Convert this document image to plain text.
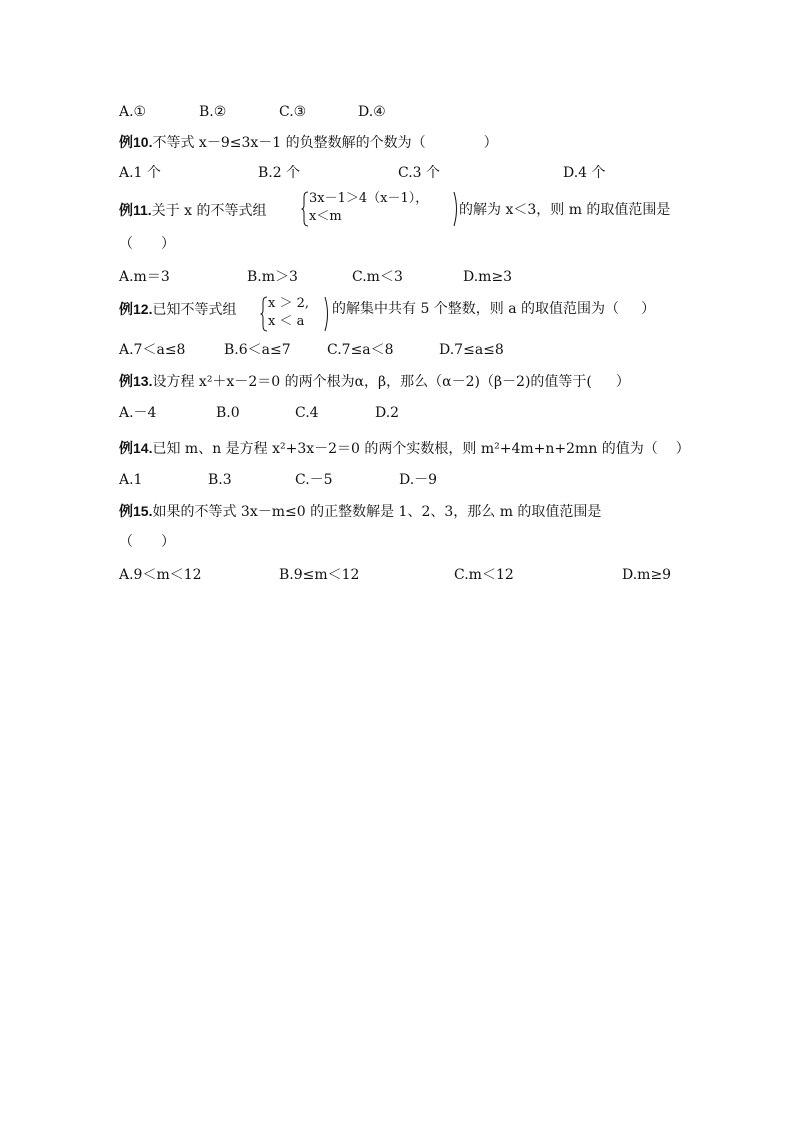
A.①	B.②	C.③	D.④
例10.不等式 x－9≤3x－1 的负整数解的个数为（	）
A.1 个	B.2 个	C.3 个	D.4 个
例11.关于 x 的不等式组
3x－1＞4（x－1），
x＜m	的解为 x＜3，则 m 的取值范围是
（　　）
A.m＝3	B.m＞3	C.m＜3	D.m≥3
例12.已知不等式组 x ＞ 2,
x ＜ a
的解集中共有 5 个整数，则 a 的取值范围为（ ）
A.7＜a≤8	B.6＜a≤7	C.7≤a＜8	D.7≤a≤8
例13.设方程 x²＋x－2＝0 的两个根为α，β，那么（α－2)（β－2)的值等于( ）
A.－4	B.0	C.4	D.2
例14.已知 m、n 是方程 x²+3x－2＝0 的两个实数根，则 m²+4m+n+2mn 的值为（ ）
A.1	B.3	C.－5	D.－9
例15.如果的不等式 3x－m≤0 的正整数解是 1、2、3，那么 m 的取值范围是
（　　）
A.9＜m＜12	B.9≤m＜12	C.m＜12	D.m≥9
